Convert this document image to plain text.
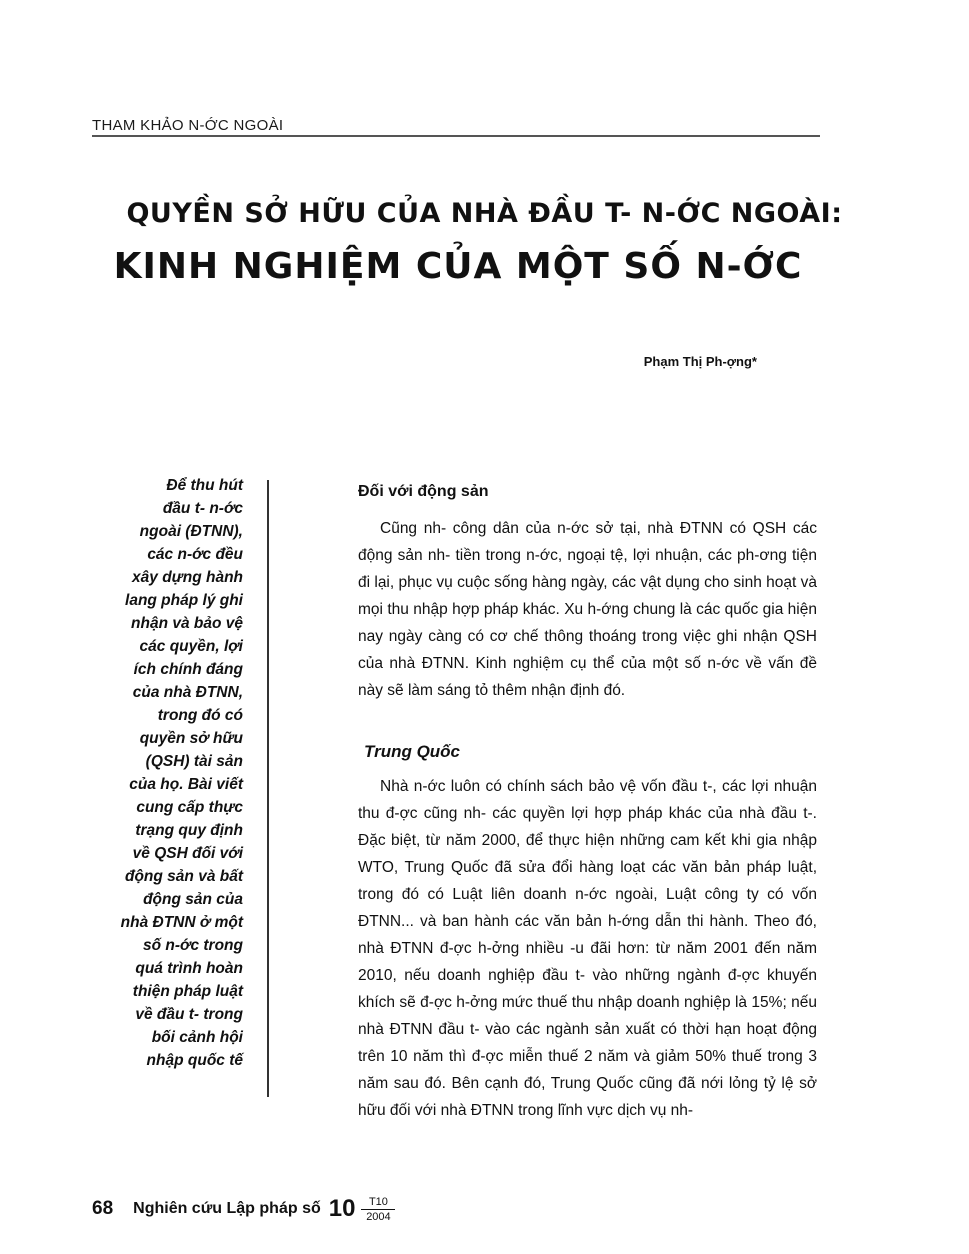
THAM KHẢO N-ỚC NGOÀI
QUYỀN SỞ HỮU CỦA NHÀ ĐẦU T- N-ỚC NGOÀI:
KINH NGHIỆM CỦA MỘT SỐ N-ỚC
Phạm Thị Ph-ợng*
Để thu hút
đầu t- n-ớc
ngoài (ĐTNN),
các n-ớc đều
xây dựng hành
lang pháp lý ghi
nhận và bảo vệ
các quyền, lợi
ích chính đáng
của nhà ĐTNN,
trong đó có
quyền sở hữu
(QSH) tài sản
của họ. Bài viết
cung cấp thực
trạng quy định
về QSH đối với
động sản và bất
động sản của
nhà ĐTNN ở một
số n-ớc trong
quá trình hoàn
thiện pháp luật
về đầu t- trong
bối cảnh hội
nhập quốc tế
Đối với động sản

Cũng nh- công dân của n-ớc sở tại, nhà ĐTNN có QSH các động sản nh- tiền trong n-ớc, ngoại tệ, lợi nhuận, các ph-ơng tiện đi lại, phục vụ cuộc sống hàng ngày, các vật dụng cho sinh hoạt và mọi thu nhập hợp pháp khác. Xu h-ớng chung là các quốc gia hiện nay ngày càng có cơ chế thông thoáng trong việc ghi nhận QSH của nhà ĐTNN. Kinh nghiệm cụ thể của một số n-ớc về vấn đề này sẽ làm sáng tỏ thêm nhận định đó.

Trung Quốc

Nhà n-ớc luôn có chính sách bảo vệ vốn đầu t-, các lợi nhuận thu đ-ợc cũng nh- các quyền lợi hợp pháp khác của nhà đầu t-. Đặc biệt, từ năm 2000, để thực hiện những cam kết khi gia nhập WTO, Trung Quốc đã sửa đổi hàng loạt các văn bản pháp luật, trong đó có Luật liên doanh n-ớc ngoài, Luật công ty có vốn ĐTNN... và ban hành các văn bản h-ớng dẫn thi hành. Theo đó, nhà ĐTNN đ-ợc h-ởng nhiều -u đãi hơn: từ năm 2001 đến năm 2010, nếu doanh nghiệp đầu t- vào những ngành đ-ợc khuyến khích sẽ đ-ợc h-ởng mức thuế thu nhập doanh nghiệp là 15%; nếu nhà ĐTNN đầu t- vào các ngành sản xuất có thời hạn hoạt động trên 10 năm thì đ-ợc miễn thuế 2 năm và giảm 50% thuế trong 3 năm sau đó. Bên cạnh đó, Trung Quốc cũng đã nới lỏng tỷ lệ sở hữu đối với nhà ĐTNN trong lĩnh vực dịch vụ nh-

68 Nghiên cứu Lập pháp số $10 \frac{T10}{2004}$
